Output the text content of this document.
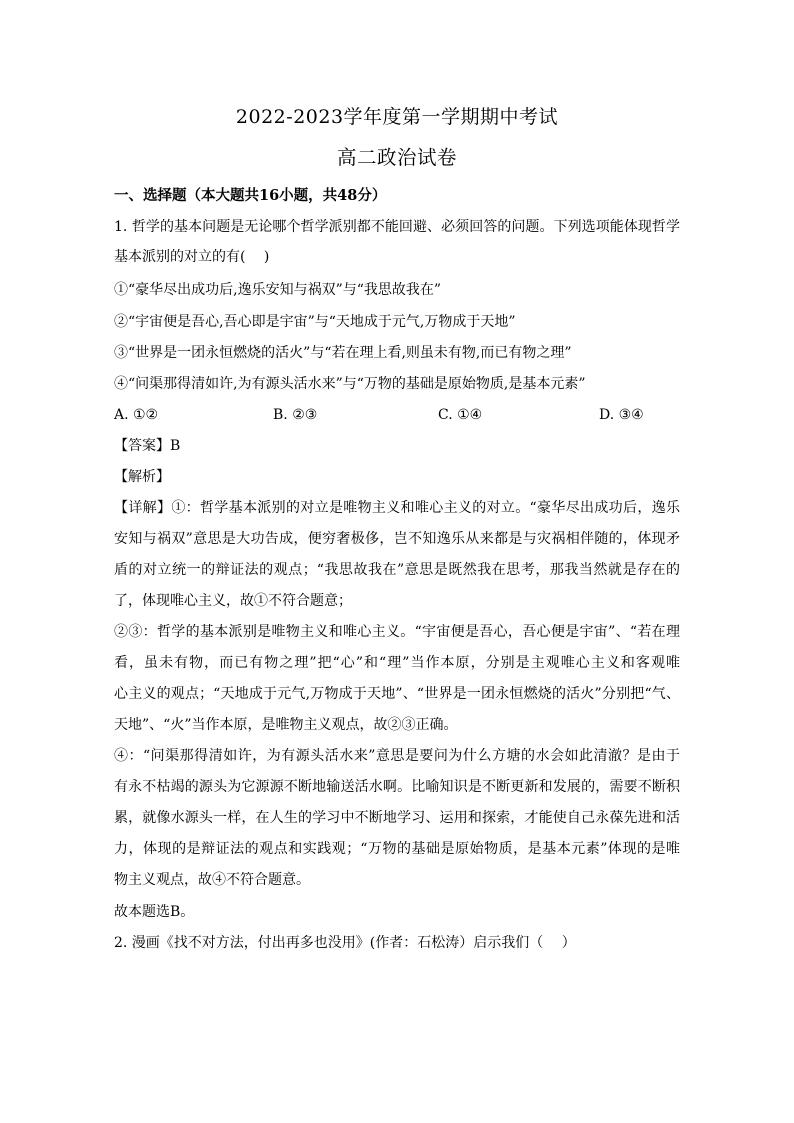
2022-2023学年度第一学期期中考试
高二政治试卷
一、选择题（本大题共16小题，共48分）
1. 哲学的基本问题是无论哪个哲学派别都不能回避、必须回答的问题。下列选项能体现哲学
基本派别的对立的有(　 )
①“豪华尽出成功后,逸乐安知与祸双”与“我思故我在”
②“宇宙便是吾心,吾心即是宇宙”与“天地成于元气,万物成于天地”
③“世界是一团永恒燃烧的活火”与“若在理上看,则虽未有物,而已有物之理”
④“问渠那得清如许,为有源头活水来”与“万物的基础是原始物质,是基本元素”
A. ①②	B. ②③	C. ①④	D. ③④
【答案】B
【解析】
【详解】①：哲学基本派别的对立是唯物主义和唯心主义的对立。“豪华尽出成功后，逸乐
安知与祸双”意思是大功告成，便穷奢极侈，岂不知逸乐从来都是与灾祸相伴随的，体现矛
盾的对立统一的辩证法的观点；“我思故我在”意思是既然我在思考，那我当然就是存在的
了，体现唯心主义，故①不符合题意；
②③：哲学的基本派别是唯物主义和唯心主义。“宇宙便是吾心，吾心便是宇宙”、“若在理
看，虽未有物，而已有物之理”把“心”和“理”当作本原，分别是主观唯心主义和客观唯
心主义的观点；“天地成于元气,万物成于天地”、“世界是一团永恒燃烧的活火”分别把“气、
天地”、“火”当作本原，是唯物主义观点，故②③正确。
④：“问渠那得清如许，为有源头活水来”意思是要问为什么方塘的水会如此清澈？是由于
有永不枯竭的源头为它源源不断地输送活水啊。比喻知识是不断更新和发展的，需要不断积
累，就像水源头一样，在人生的学习中不断地学习、运用和探索，才能使自己永葆先进和活
力，体现的是辩证法的观点和实践观；“万物的基础是原始物质，是基本元素”体现的是唯
物主义观点，故④不符合题意。
故本题选B。
2. 漫画《找不对方法，付出再多也没用》(作者：石松涛）启示我们（　 ）
